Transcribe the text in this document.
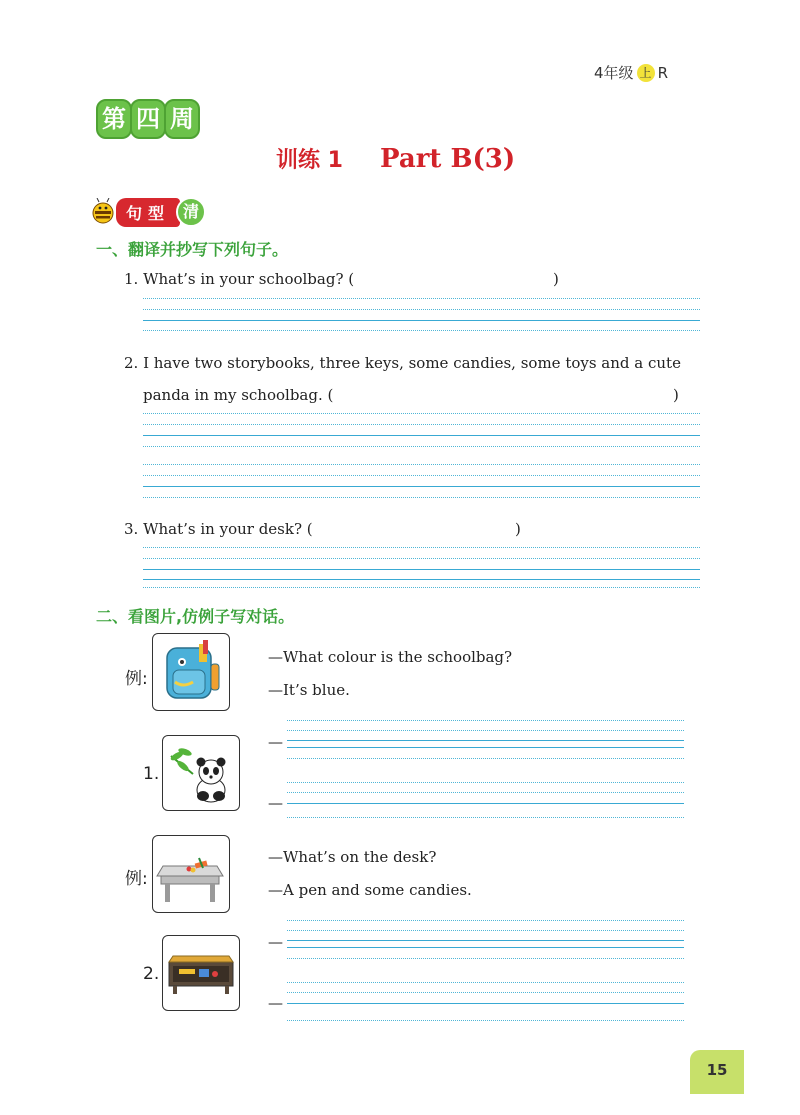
4年级 上 R
第 四 周
训练 1 Part B(3)
句型 清
一、翻译并抄写下列句子。
1. What’s in your schoolbag? (	)
2. I have two storybooks, three keys, some candies, some toys and a cute
panda in my schoolbag. (	)
3. What’s in your desk? (	)
二、看图片,仿例子写对话。
例:
—What colour is the schoolbag?
—It’s blue.
1.
—
—
例:
—What’s on the desk?
—A pen and some candies.
2.
—
—
15
